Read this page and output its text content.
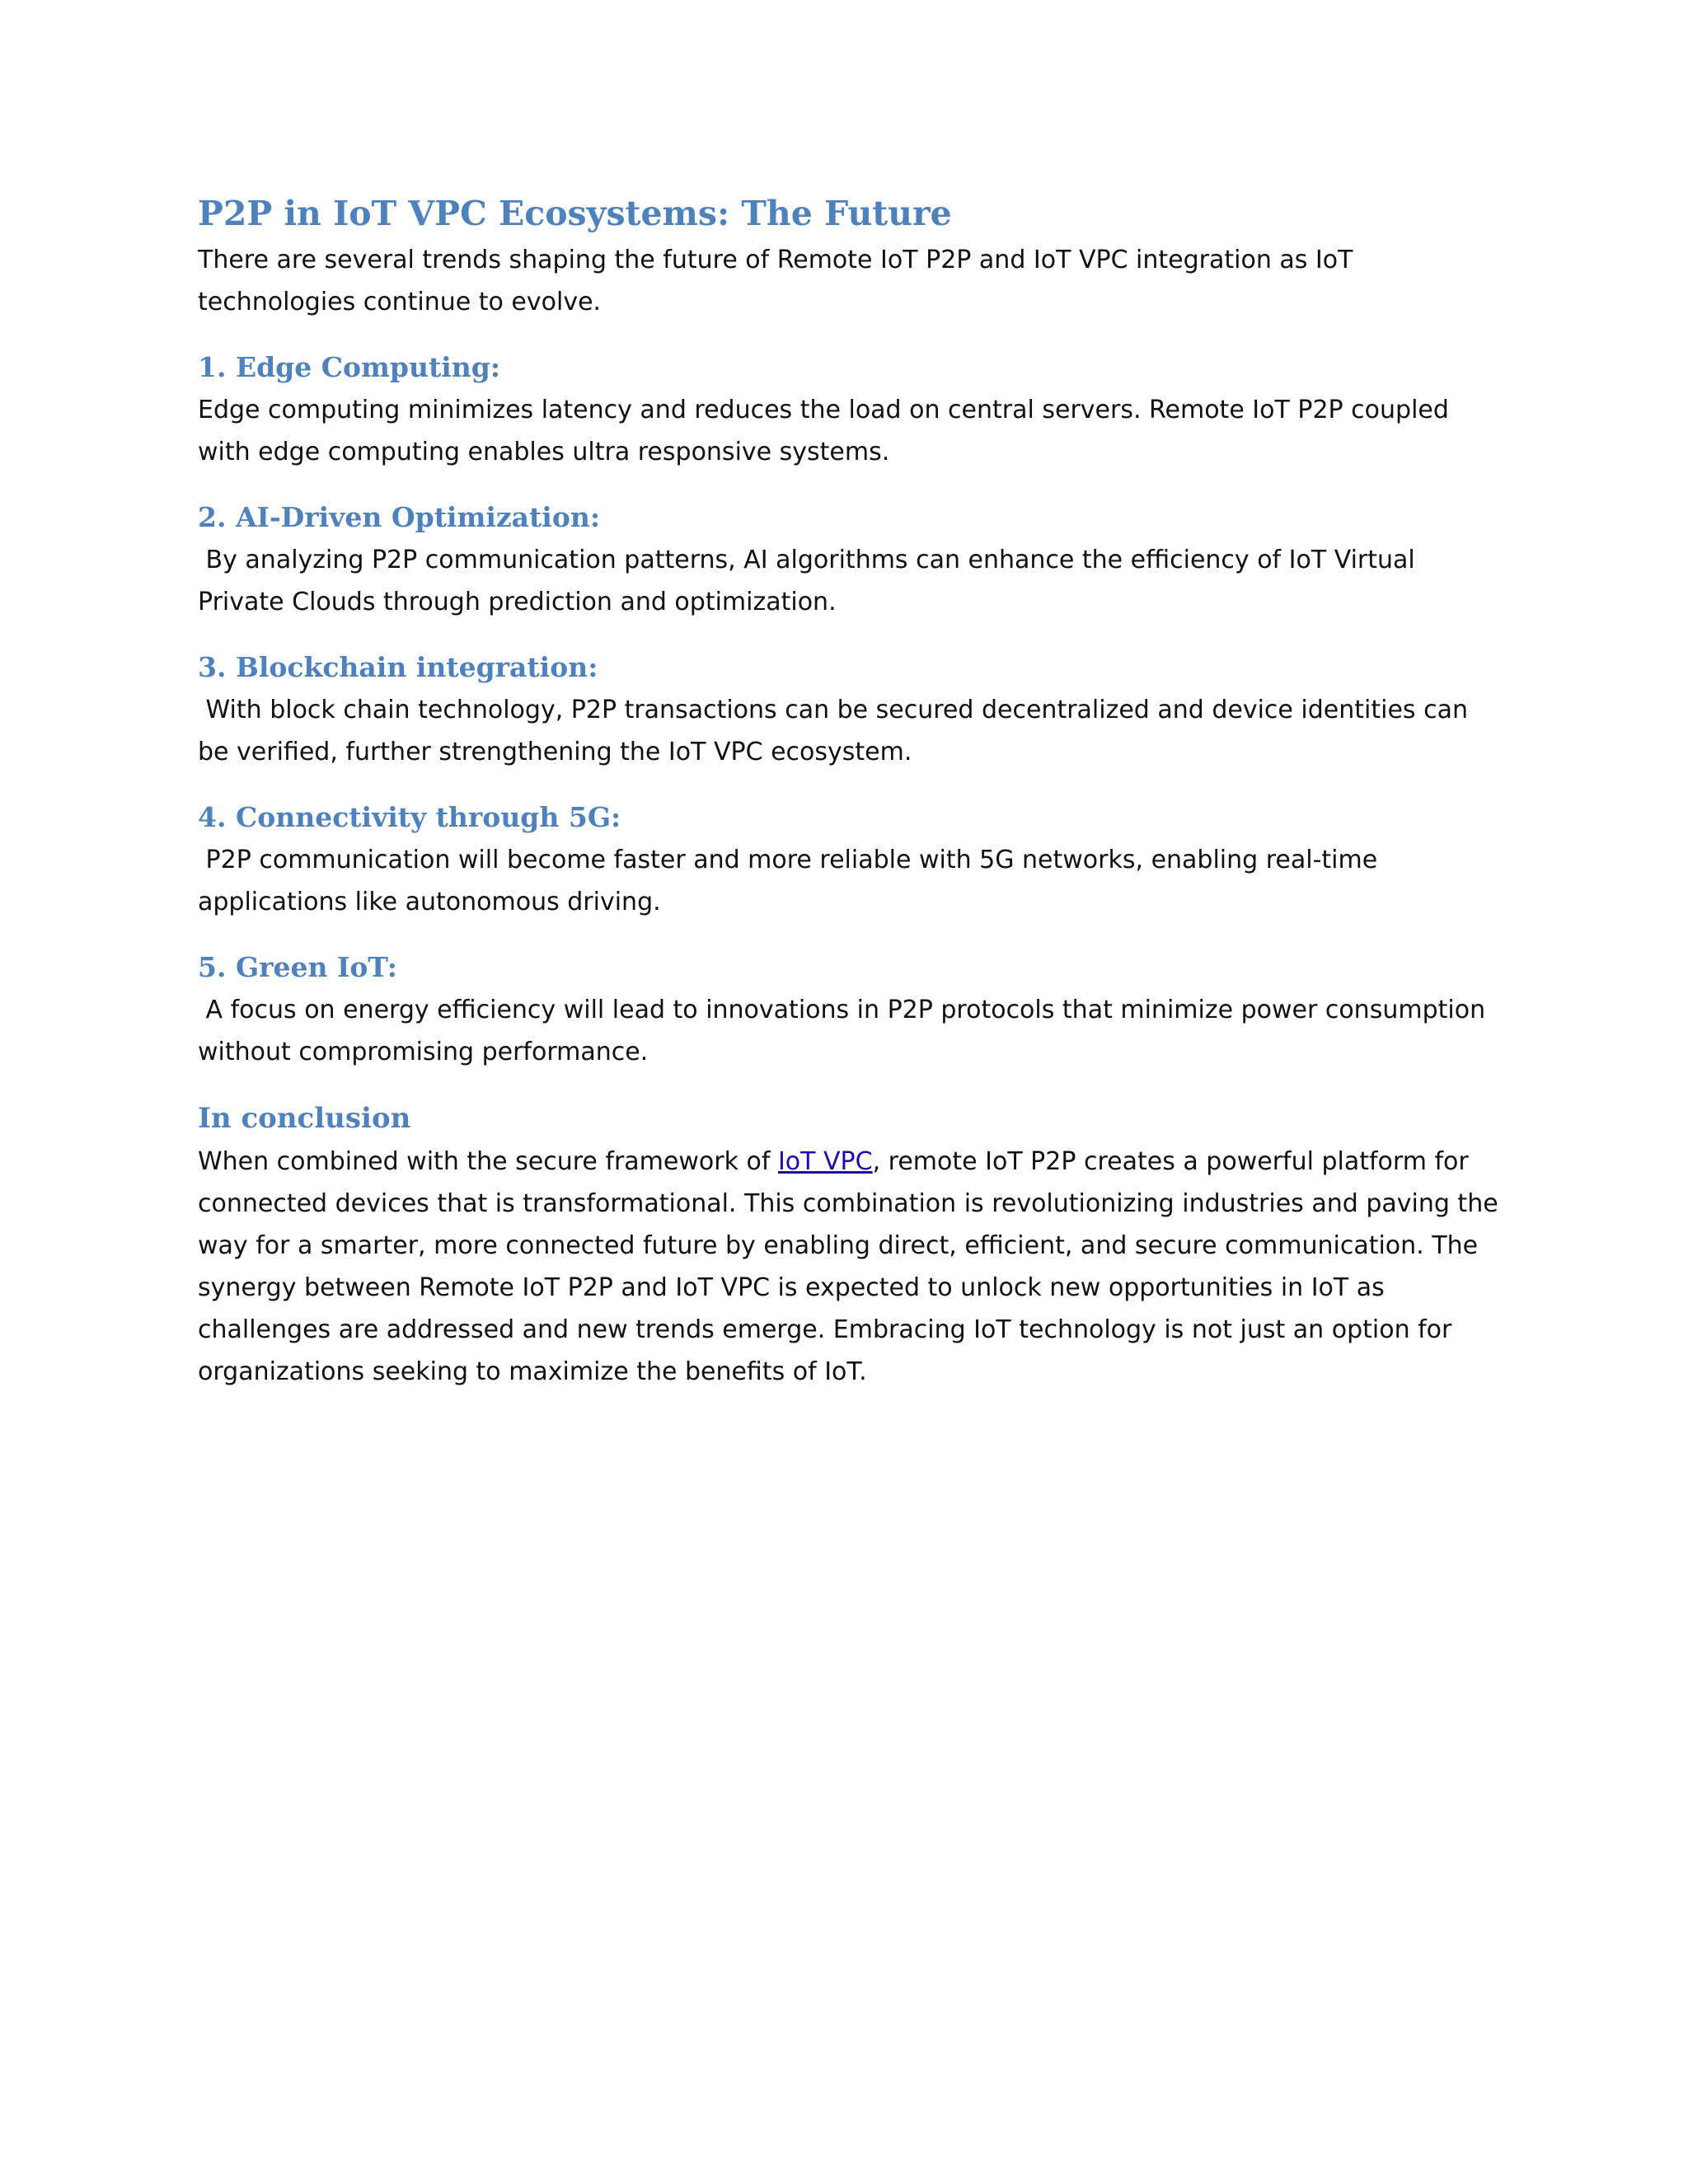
P2P in IoT VPC Ecosystems: The Future

There are several trends shaping the future of Remote IoT P2P and IoT VPC integration as IoT technologies continue to evolve.

1. Edge Computing:

Edge computing minimizes latency and reduces the load on central servers. Remote IoT P2P coupled with edge computing enables ultra responsive systems.

2. AI-Driven Optimization:

By analyzing P2P communication patterns, AI algorithms can enhance the efficiency of IoT Virtual Private Clouds through prediction and optimization.

3. Blockchain integration:

With block chain technology, P2P transactions can be secured decentralized and device identities can be verified, further strengthening the IoT VPC ecosystem.

4. Connectivity through 5G:

P2P communication will become faster and more reliable with 5G networks, enabling real-time applications like autonomous driving.

5. Green IoT:

A focus on energy efficiency will lead to innovations in P2P protocols that minimize power consumption without compromising performance.

In conclusion

When combined with the secure framework of IoT VPC, remote IoT P2P creates a powerful platform for connected devices that is transformational. This combination is revolutionizing industries and paving the way for a smarter, more connected future by enabling direct, efficient, and secure communication. The synergy between Remote IoT P2P and IoT VPC is expected to unlock new opportunities in IoT as challenges are addressed and new trends emerge. Embracing IoT technology is not just an option for organizations seeking to maximize the benefits of IoT.
